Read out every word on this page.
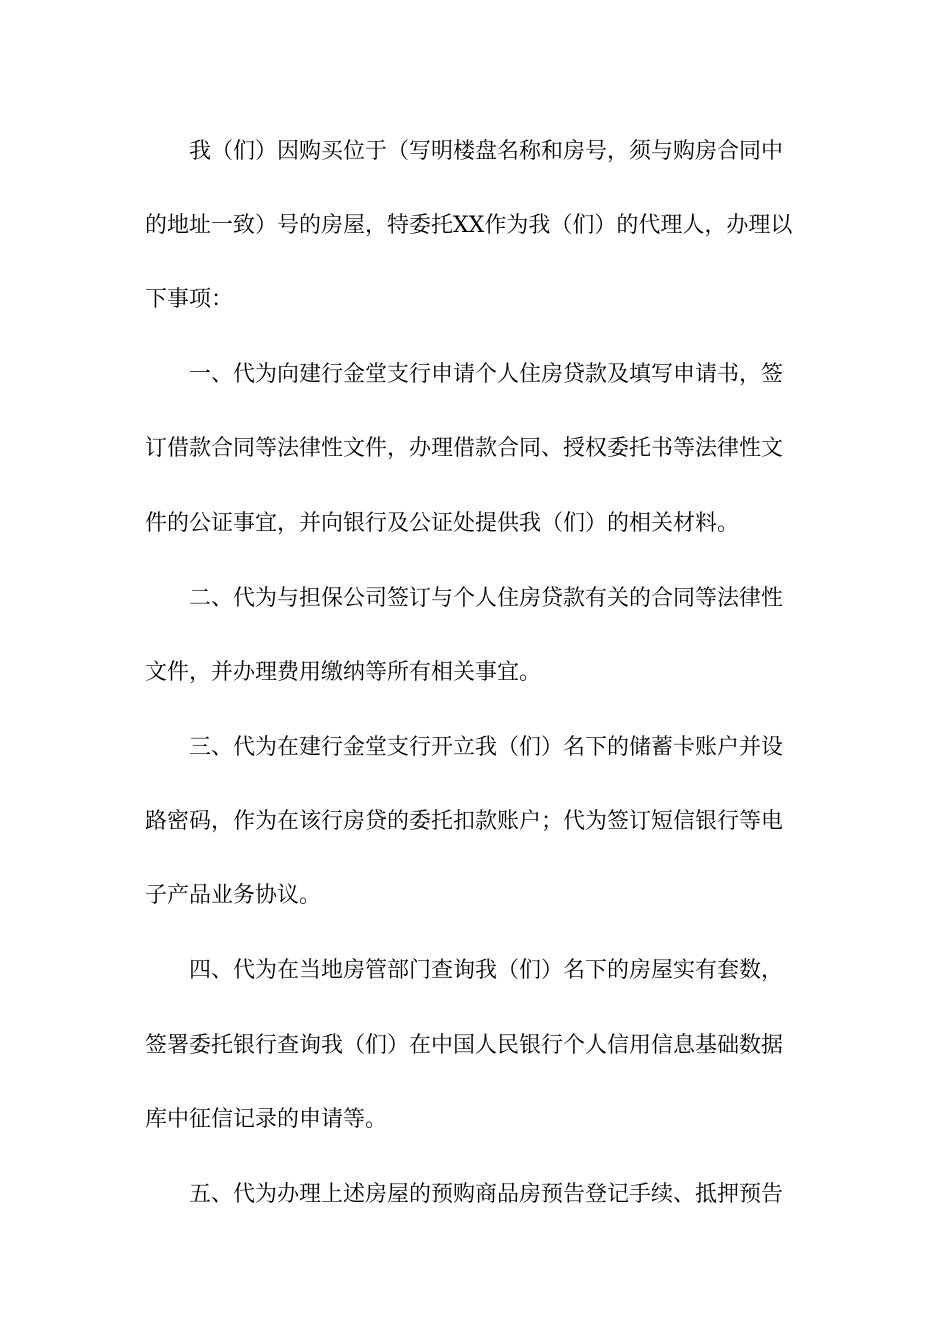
我（们）因购买位于（写明楼盘名称和房号，须与购房合同中

的地址一致）号的房屋，特委托XX作为我（们）的代理人，办理以

下事项：

一、代为向建行金堂支行申请个人住房贷款及填写申请书，签

订借款合同等法律性文件，办理借款合同、授权委托书等法律性文

件的公证事宜，并向银行及公证处提供我（们）的相关材料。

二、代为与担保公司签订与个人住房贷款有关的合同等法律性

文件，并办理费用缴纳等所有相关事宜。

三、代为在建行金堂支行开立我（们）名下的储蓄卡账户并设

路密码，作为在该行房贷的委托扣款账户；代为签订短信银行等电

子产品业务协议。

四、代为在当地房管部门查询我（们）名下的房屋实有套数，

签署委托银行查询我（们）在中国人民银行个人信用信息基础数据

库中征信记录的申请等。

五、代为办理上述房屋的预购商品房预告登记手续、抵押预告
